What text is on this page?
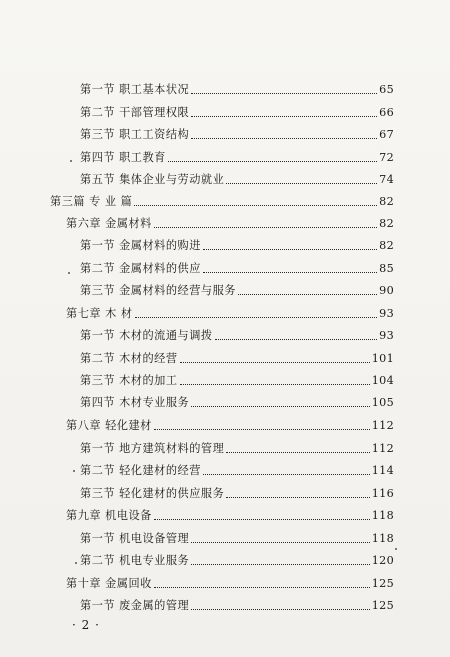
第一节 职工基本状况	65
第二节 干部管理权限	66
第三节 职工工资结构	67
第四节 职工教育	72
第五节 集体企业与劳动就业	74
第三篇 专 业 篇	82
第六章 金属材料	82
第一节 金属材料的购进	82
第二节 金属材料的供应	85
第三节 金属材料的经营与服务	90
第七章 木 材	93
第一节 木材的流通与调拨	93
第二节 木材的经营	101
第三节 木材的加工	104
第四节 木材专业服务	105
第八章 轻化建材	112
第一节 地方建筑材料的管理	112
第二节 轻化建材的经营	114
第三节 轻化建材的供应服务	116
第九章 机电设备	118
第一节 机电设备管理	118
第二节 机电专业服务	120
第十章 金属回收	125
第一节 废金属的管理	125
· 2 ·
